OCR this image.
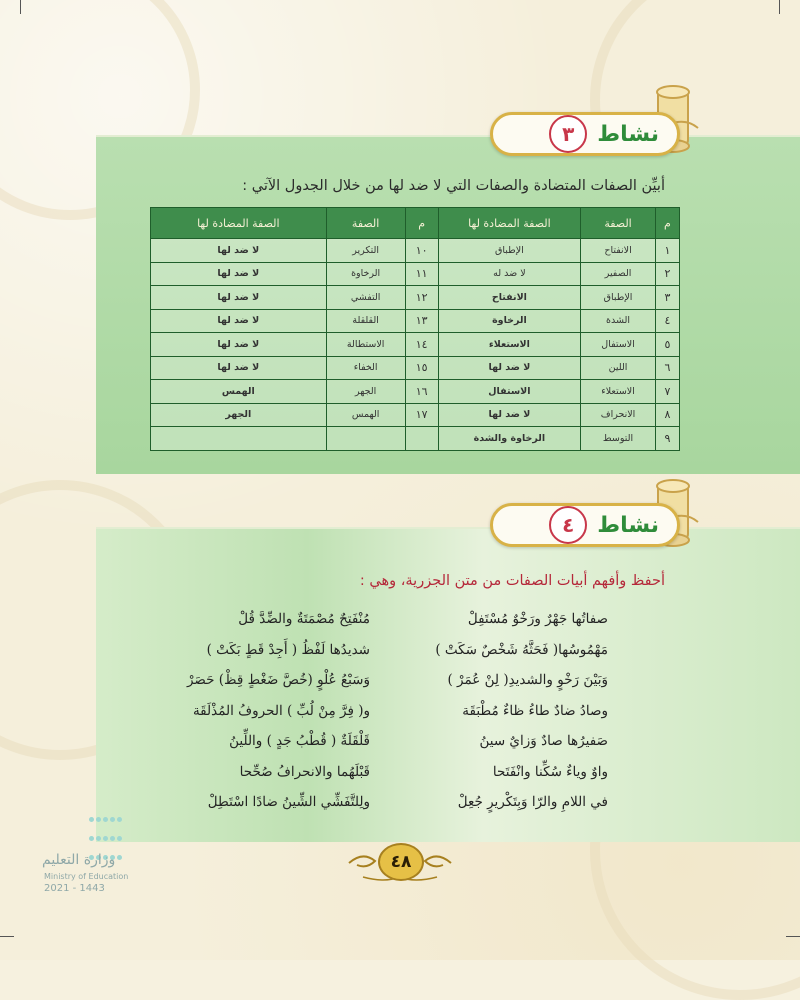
نشاط
٣
أبيِّن الصفات المتضادة والصفات التي لا ضد لها من خلال الجدول الآتي :
م	الصفة	الصفة المضادة لها	م	الصفة	الصفة المضادة لها
١	الانفتاح	الإطباق	١٠	التكرير	لا ضد لها
٢	الصفير	لا ضد له	١١	الرخاوة	لا ضد لها
٣	الإطباق	الانفتاح	١٢	التفشي	لا ضد لها
٤	الشدة	الرخاوة	١٣	القلقلة	لا ضد لها
٥	الاستفال	الاستعلاء	١٤	الاستطالة	لا ضد لها
٦	اللين	لا ضد لها	١٥	الخفاء	لا ضد لها
٧	الاستعلاء	الاستفال	١٦	الجهر	الهمس
٨	الانحراف	لا ضد لها	١٧	الهمس	الجهر
٩	التوسط	الرخاوة والشدة			
نشاط
٤
أحفظ وأفهم أبيات الصفات من متن الجزرية، وهي :
صفاتُها جَهْرٌ ورَخْوٌ مُسْتَفِلْ
مَهْمُوسُها( فَحَثَّهُ شَخْصٌ سَكَتْ )
وَبَيْنَ رَخْوٍ والشديدِ( لِنْ عُمَرْ )
وصادُ ضادٌ طاءُ ظاءٌ مُطْبَقَة
صَفيرُها صادٌ وَزايٌ سينُ
واوٌ وياءٌ سُكِّنا وانْفَتَحا
في اللامِ والرّا وَبِتَكْريرٍ جُعِلْ
مُنْفَتِحٌ مُصْمَتَةٌ والضِّدَّ قُلْ
شديدُها لَفْظُ ( أَجِدْ قَطٍ بَكَتْ )
وَسَبْعُ عُلْوٍ (خُصَّ ضَغْطٍ قِظْ) حَصَرْ
و( فِرَّ مِنْ لُبِّ ) الحروفُ المُذْلَقَة
قَلْقَلَةٌ ( قُطْبُ جَدٍ ) واللِّينُ
قَبْلَهُما والانحرافُ صُحِّحا
ولِلتَّفَشِّي الشِّينُ ضادًا اسْتَطِلْ
٤٨

وزارة التعليم
Ministry of Education
2021 - 1443
